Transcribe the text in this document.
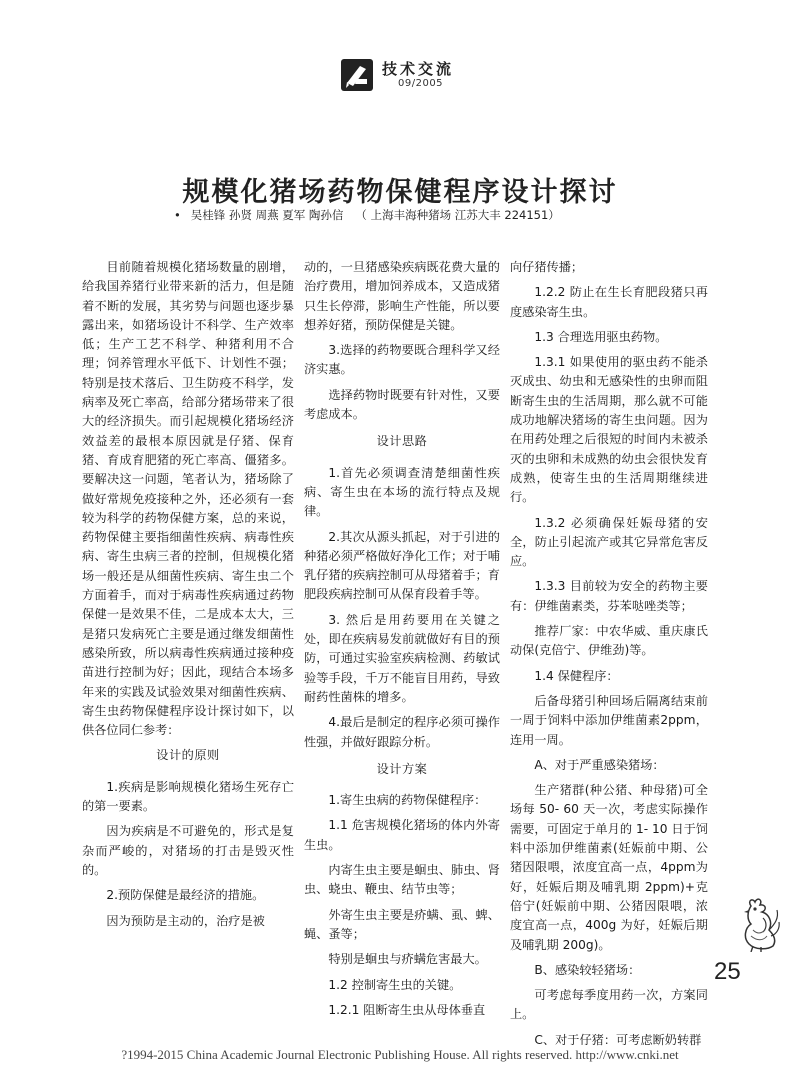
技术交流
09/2005
规模化猪场药物保健程序设计探讨
• 吴桂锋 孙贤 周燕 夏军 陶孙信 （ 上海丰海种猪场 江苏大丰 224151）

目前随着规模化猪场数量的剧增，给我国养猪行业带来新的活力，但是随着不断的发展，其劣势与问题也逐步暴露出来，如猪场设计不科学、生产效率低；生产工艺不科学、种猪利用不合理；饲养管理水平低下、计划性不强；特别是技术落后、卫生防疫不科学，发病率及死亡率高，给部分猪场带来了很大的经济损失。而引起规模化猪场经济效益差的最根本原因就是仔猪、保育猪、育成育肥猪的死亡率高、僵猪多。要解决这一问题，笔者认为，猪场除了做好常规免疫接种之外，还必须有一套较为科学的药物保健方案，总的来说，药物保健主要指细菌性疾病、病毒性疾病、寄生虫病三者的控制，但规模化猪场一般还是从细菌性疾病、寄生虫二个方面着手，而对于病毒性疾病通过药物保健一是效果不佳，二是成本太大，三是猪只发病死亡主要是通过继发细菌性感染所致，所以病毒性疾病通过接种疫苗进行控制为好；因此，现结合本场多年来的实践及试验效果对细菌性疾病、寄生虫药物保健程序设计探讨如下，以供各位同仁参考：

设计的原则

1.疾病是影响规模化猪场生死存亡的第一要素。

因为疾病是不可避免的，形式是复杂而严峻的，对猪场的打击是毁灭性的。

2.预防保健是最经济的措施。

因为预防是主动的，治疗是被

动的，一旦猪感染疾病既花费大量的治疗费用，增加饲养成本，又造成猪只生长停滞，影响生产性能，所以要想养好猪，预防保健是关键。

3.选择的药物要既合理科学又经济实惠。

选择药物时既要有针对性，又要考虑成本。

设计思路

1.首先必须调查清楚细菌性疾病、寄生虫在本场的流行特点及规律。

2.其次从源头抓起，对于引进的种猪必须严格做好净化工作；对于哺乳仔猪的疾病控制可从母猪着手；育肥段疾病控制可从保育段着手等。

3. 然后是用药要用在关键之处，即在疾病易发前就做好有目的预防，可通过实验室疾病检测、药敏试验等手段，千万不能盲目用药，导致耐药性菌株的增多。

4.最后是制定的程序必须可操作性强，并做好跟踪分析。

设计方案

1.寄生虫病的药物保健程序：

1.1 危害规模化猪场的体内外寄生虫。

内寄生虫主要是蛔虫、肺虫、肾虫、蛲虫、鞭虫、结节虫等；

外寄生虫主要是疥螨、虱、蜱、蝇、蚤等；

特别是蛔虫与疥螨危害最大。

1.2 控制寄生虫的关键。

1.2.1 阻断寄生虫从母体垂直

向仔猪传播；

1.2.2 防止在生长育肥段猪只再度感染寄生虫。

1.3 合理选用驱虫药物。

1.3.1 如果使用的驱虫药不能杀灭成虫、幼虫和无感染性的虫卵而阻断寄生虫的生活周期，那么就不可能成功地解决猪场的寄生虫问题。因为在用药处理之后很短的时间内未被杀灭的虫卵和未成熟的幼虫会很快发育成熟，使寄生虫的生活周期继续进行。

1.3.2 必须确保妊娠母猪的安全，防止引起流产或其它异常危害反应。

1.3.3 目前较为安全的药物主要有：伊维菌素类，芬苯哒唑类等；

推荐厂家：中农华威、重庆康氏动保(克倍宁、伊维劲)等。

1.4 保健程序：

后备母猪引种回场后隔离结束前一周于饲料中添加伊维菌素2ppm，连用一周。

A、对于严重感染猪场：

生产猪群(种公猪、种母猪)可全场每 50- 60 天一次，考虑实际操作需要，可固定于单月的 1- 10 日于饲料中添加伊维菌素(妊娠前中期、公猪因限喂，浓度宜高一点，4ppm为好，妊娠后期及哺乳期 2ppm)+克倍宁(妊娠前中期、公猪因限喂，浓度宜高一点，400g 为好，妊娠后期及哺乳期 200g)。

B、感染较轻猪场：

可考虑每季度用药一次，方案同上。

C、对于仔猪：可考虑断奶转群

25
?1994-2015 China Academic Journal Electronic Publishing House. All rights reserved. http://www.cnki.net
